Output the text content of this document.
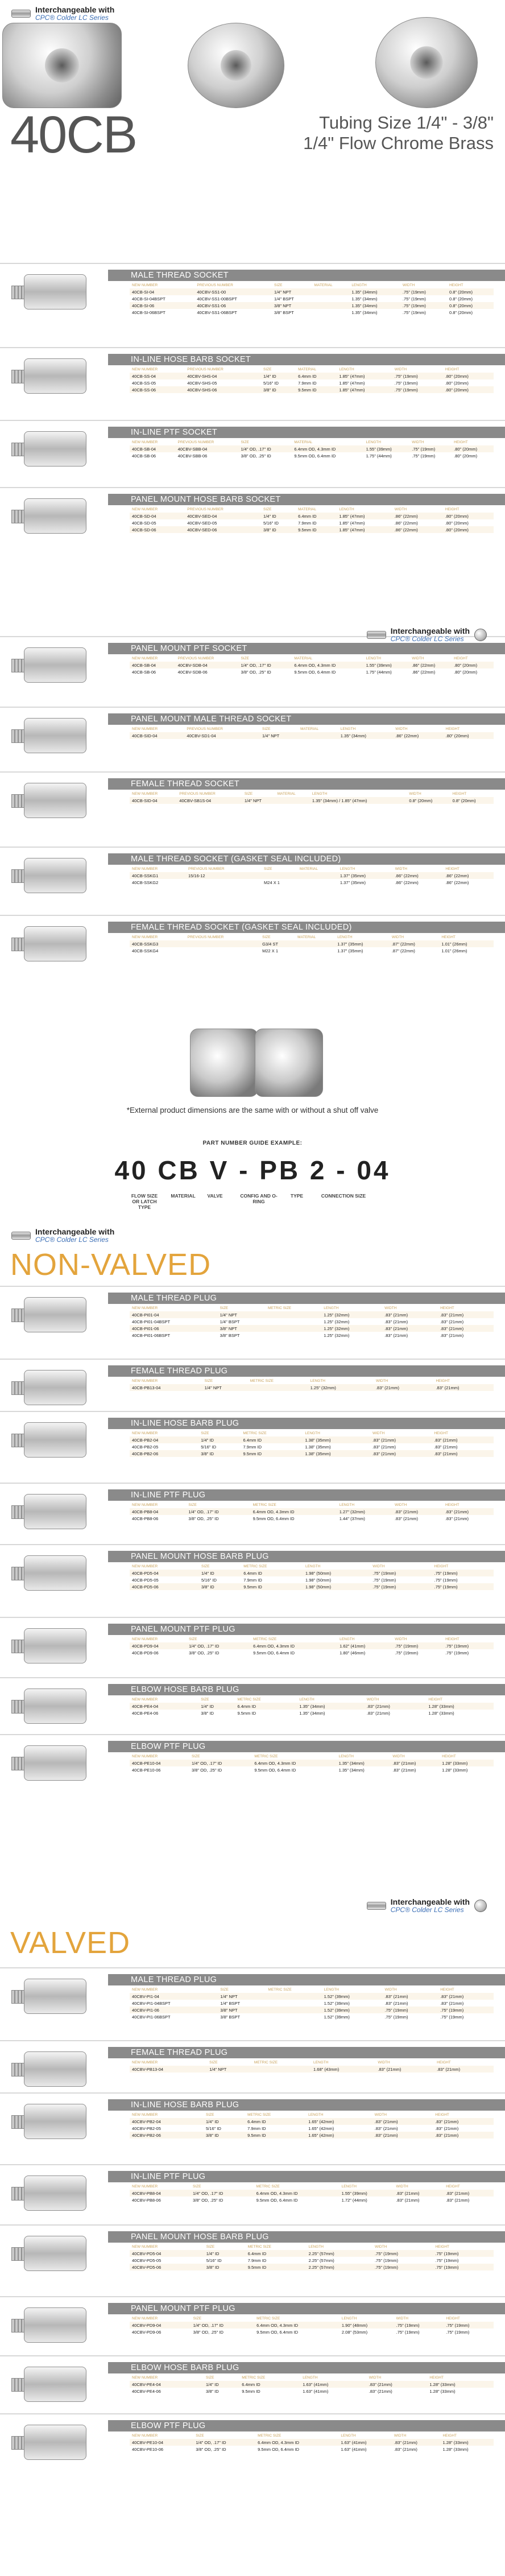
Interchangeable with
CPC® Colder LC Series
40CB	Tubing Size 1/4" - 3/8"
1/4" Flow Chrome Brass
MALE THREAD SOCKET
NEW NUMBER	PREVIOUS NUMBER	SIZE	MATERIAL	LENGTH	WIDTH	HEIGHT
40CB-SI-04	40CBV-SS1-00	1/4" NPT		1.35" (34mm)	.75" (19mm)	0.8" (20mm)
40CB-SI-04BSPT	40CBV-SS1-00BSPT	1/4" BSPT		1.35" (34mm)	.75" (19mm)	0.8" (20mm)
40CB-SI-06	40CBV-SS1-06	3/8" NPT		1.35" (34mm)	.75" (19mm)	0.8" (20mm)
40CB-SI-06BSPT	40CBV-SS1-06BSPT	3/8" BSPT		1.35" (34mm)	.75" (19mm)	0.8" (20mm)
IN-LINE HOSE BARB SOCKET
NEW NUMBER	PREVIOUS NUMBER	SIZE	MATERIAL	LENGTH	WIDTH	HEIGHT
40CB-SS-04	40CBV-SHS-04	1/4" ID	6.4mm ID	1.85" (47mm)	.75" (19mm)	.80" (20mm)
40CB-SS-05	40CBV-SHS-05	5/16" ID	7.9mm ID	1.85" (47mm)	.75" (19mm)	.80" (20mm)
40CB-SS-06	40CBV-SHS-06	3/8" ID	9.5mm ID	1.85" (47mm)	.75" (19mm)	.80" (20mm)
IN-LINE PTF SOCKET
NEW NUMBER	PREVIOUS NUMBER	SIZE	MATERIAL	LENGTH	WIDTH	HEIGHT
40CB-SB-04	40CBV-SBB-04	1/4" OD, .17" ID	6.4mm OD, 4.3mm ID	1.55" (39mm)	.75" (19mm)	.80" (20mm)
40CB-SB-06	40CBV-SBB-06	3/8" OD, .25" ID	9.5mm OD, 6.4mm ID	1.75" (44mm)	.75" (19mm)	.80" (20mm)
PANEL MOUNT HOSE BARB SOCKET
NEW NUMBER	PREVIOUS NUMBER	SIZE	MATERIAL	LENGTH	WIDTH	HEIGHT
40CB-SD-04	40CBV-SED-04	1/4" ID	6.4mm ID	1.85" (47mm)	.86" (22mm)	.80" (20mm)
40CB-SD-05	40CBV-SED-05	5/16" ID	7.9mm ID	1.85" (47mm)	.86" (22mm)	.80" (20mm)
40CB-SD-06	40CBV-SED-06	3/8" ID	9.5mm ID	1.85" (47mm)	.86" (22mm)	.80" (20mm)
PANEL MOUNT PTF SOCKET
NEW NUMBER	PREVIOUS NUMBER	SIZE	MATERIAL	LENGTH	WIDTH	HEIGHT
40CB-SB-04	40CBV-SDB-04	1/4" OD, .17" ID	6.4mm OD, 4.3mm ID	1.55" (39mm)	.86" (22mm)	.80" (20mm)
40CB-SB-06	40CBV-SDB-06	3/8" OD, .25" ID	9.5mm OD, 6.4mm ID	1.75" (44mm)	.86" (22mm)	.80" (20mm)
PANEL MOUNT MALE THREAD SOCKET
NEW NUMBER	PREVIOUS NUMBER	SIZE	MATERIAL	LENGTH	WIDTH	HEIGHT
40CB-SID-04	40CBV-SD1-04	1/4" NPT		1.35" (34mm)	.86" (22mm)	.80" (20mm)
FEMALE THREAD SOCKET
NEW NUMBER	PREVIOUS NUMBER	SIZE	MATERIAL	LENGTH	WIDTH	HEIGHT
40CB-SID-04	40CBV-SB1S-04	1/4" NPT		1.35" (34mm) / 1.85" (47mm)	0.8" (20mm)	0.8" (20mm)
MALE THREAD SOCKET (GASKET SEAL INCLUDED)
NEW NUMBER	PREVIOUS NUMBER	SIZE	MATERIAL	LENGTH	WIDTH	HEIGHT
40CB-SSKG1	15/16-12			1.37" (35mm)	.86" (22mm)	.86" (22mm)
40CB-SSKG2		M24 X 1		1.37" (35mm)	.86" (22mm)	.86" (22mm)
FEMALE THREAD SOCKET (GASKET SEAL INCLUDED)
NEW NUMBER	PREVIOUS NUMBER	SIZE	MATERIAL	LENGTH	WIDTH	HEIGHT
40CB-SSKG3		G3/4 ST		1.37" (35mm)	.87" (22mm)	1.01" (26mm)
40CB-SSKG4		M22 X 1		1.37" (35mm)	.87" (22mm)	1.01" (26mm)
Interchangeable with
CPC® Colder LC Series
*External product dimensions are the same with or without a shut off valve
PART NUMBER GUIDE EXAMPLE:
40 CB V - PB 2 - 04
FLOW SIZE OR LATCH TYPE
MATERIAL	VALVE	CONFIG AND O-RING
TYPE	CONNECTION SIZE
Interchangeable with
CPC® Colder LC Series
NON-VALVED
MALE THREAD PLUG
NEW NUMBER	SIZE	METRIC SIZE	LENGTH	WIDTH	HEIGHT
40CB-PI01-04	1/4" NPT		1.25" (32mm)	.83" (21mm)	.83" (21mm)
40CB-PI01-04BSPT	1/4" BSPT		1.25" (32mm)	.83" (21mm)	.83" (21mm)
40CB-PI01-06	3/8" NPT		1.25" (32mm)	.83" (21mm)	.83" (21mm)
40CB-PI01-06BSPT	3/8" BSPT		1.25" (32mm)	.83" (21mm)	.83" (21mm)
FEMALE THREAD PLUG
NEW NUMBER	SIZE	METRIC SIZE	LENGTH	WIDTH	HEIGHT
40CB-PB13-04	1/4" NPT		1.25" (32mm)	.83" (21mm)	.83" (21mm)
IN-LINE HOSE BARB PLUG
NEW NUMBER	SIZE	METRIC SIZE	LENGTH	WIDTH	HEIGHT
40CB-PB2-04	1/4" ID	6.4mm ID	1.38" (35mm)	.83" (21mm)	.83" (21mm)
40CB-PB2-05	5/16" ID	7.9mm ID	1.38" (35mm)	.83" (21mm)	.83" (21mm)
40CB-PB2-06	3/8" ID	9.5mm ID	1.38" (35mm)	.83" (21mm)	.83" (21mm)
IN-LINE PTF PLUG
NEW NUMBER	SIZE	METRIC SIZE	LENGTH	WIDTH	HEIGHT
40CB-PB8-04	1/4" OD, .17" ID	6.4mm OD, 4.3mm ID	1.27" (32mm)	.83" (21mm)	.83" (21mm)
40CB-PB8-06	3/8" OD, .25" ID	9.5mm OD, 6.4mm ID	1.44" (37mm)	.83" (21mm)	.83" (21mm)
PANEL MOUNT HOSE BARB PLUG
NEW NUMBER	SIZE	METRIC SIZE	LENGTH	WIDTH	HEIGHT
40CB-PD5-04	1/4" ID	6.4mm ID	1.98" (50mm)	.75" (19mm)	.75" (19mm)
40CB-PD5-05	5/16" ID	7.9mm ID	1.98" (50mm)	.75" (19mm)	.75" (19mm)
40CB-PD5-06	3/8" ID	9.5mm ID	1.98" (50mm)	.75" (19mm)	.75" (19mm)
PANEL MOUNT PTF PLUG
NEW NUMBER	SIZE	METRIC SIZE	LENGTH	WIDTH	HEIGHT
40CB-PD9-04	1/4" OD, .17" ID	6.4mm OD, 4.3mm ID	1.62" (41mm)	.75" (19mm)	.75" (19mm)
40CB-PD9-06	3/8" OD, .25" ID	9.5mm OD, 6.4mm ID	1.80" (46mm)	.75" (19mm)	.75" (19mm)
ELBOW HOSE BARB PLUG
NEW NUMBER	SIZE	METRIC SIZE	LENGTH	WIDTH	HEIGHT
40CB-PE4-04	1/4" ID	6.4mm ID	1.35" (34mm)	.83" (21mm)	1.28" (33mm)
40CB-PE4-06	3/8" ID	9.5mm ID	1.35" (34mm)	.83" (21mm)	1.28" (33mm)
ELBOW PTF PLUG
NEW NUMBER	SIZE	METRIC SIZE	LENGTH	WIDTH	HEIGHT
40CB-PE10-04	1/4" OD, .17" ID	6.4mm OD, 4.3mm ID	1.35" (34mm)	.83" (21mm)	1.28" (33mm)
40CB-PE10-06	3/8" OD, .25" ID	9.5mm OD, 6.4mm ID	1.35" (34mm)	.83" (21mm)	1.28" (33mm)
Interchangeable with
CPC® Colder LC Series
VALVED
MALE THREAD PLUG
NEW NUMBER	SIZE	METRIC SIZE	LENGTH	WIDTH	HEIGHT
40CBV-PI1-04	1/4" NPT		1.52" (39mm)	.83" (21mm)	.83" (21mm)
40CBV-PI1-04BSPT	1/4" BSPT		1.52" (39mm)	.83" (21mm)	.83" (21mm)
40CBV-PI1-06	3/8" NPT		1.52" (39mm)	.75" (19mm)	.75" (19mm)
40CBV-PI1-06BSPT	3/8" BSPT		1.52" (39mm)	.75" (19mm)	.75" (19mm)
FEMALE THREAD PLUG
NEW NUMBER	SIZE	METRIC SIZE	LENGTH	WIDTH	HEIGHT
40CBV-PB13-04	1/4" NPT		1.68" (43mm)	.83" (21mm)	.83" (21mm)
IN-LINE HOSE BARB PLUG
NEW NUMBER	SIZE	METRIC SIZE	LENGTH	WIDTH	HEIGHT
40CBV-PB2-04	1/4" ID	6.4mm ID	1.65" (42mm)	.83" (21mm)	.83" (21mm)
40CBV-PB2-05	5/16" ID	7.9mm ID	1.65" (42mm)	.83" (21mm)	.83" (21mm)
40CBV-PB2-06	3/8" ID	9.5mm ID	1.65" (42mm)	.83" (21mm)	.83" (21mm)
IN-LINE PTF PLUG
NEW NUMBER	SIZE	METRIC SIZE	LENGTH	WIDTH	HEIGHT
40CBV-PB8-04	1/4" OD, .17" ID	6.4mm OD, 4.3mm ID	1.55" (39mm)	.83" (21mm)	.83" (21mm)
40CBV-PB8-06	3/8" OD, .25" ID	9.5mm OD, 6.4mm ID	1.72" (44mm)	.83" (21mm)	.83" (21mm)
PANEL MOUNT HOSE BARB PLUG
NEW NUMBER	SIZE	METRIC SIZE	LENGTH	WIDTH	HEIGHT
40CBV-PD5-04	1/4" ID	6.4mm ID	2.25" (57mm)	.75" (19mm)	.75" (19mm)
40CBV-PD5-05	5/16" ID	7.9mm ID	2.25" (57mm)	.75" (19mm)	.75" (19mm)
40CBV-PD5-06	3/8" ID	9.5mm ID	2.25" (57mm)	.75" (19mm)	.75" (19mm)
PANEL MOUNT PTF PLUG
NEW NUMBER	SIZE	METRIC SIZE	LENGTH	WIDTH	HEIGHT
40CBV-PD9-04	1/4" OD, .17" ID	6.4mm OD, 4.3mm ID	1.90" (48mm)	.75" (19mm)	.75" (19mm)
40CBV-PD9-06	3/8" OD, .25" ID	9.5mm OD, 6.4mm ID	2.08" (53mm)	.75" (19mm)	.75" (19mm)
ELBOW HOSE BARB PLUG
NEW NUMBER	SIZE	METRIC SIZE	LENGTH	WIDTH	HEIGHT
40CBV-PE4-04	1/4" ID	6.4mm ID	1.63" (41mm)	.83" (21mm)	1.28" (33mm)
40CBV-PE4-06	3/8" ID	9.5mm ID	1.63" (41mm)	.83" (21mm)	1.28" (33mm)
ELBOW PTF PLUG
NEW NUMBER	SIZE	METRIC SIZE	LENGTH	WIDTH	HEIGHT
40CBV-PE10-04	1/4" OD, .17" ID	6.4mm OD, 4.3mm ID	1.63" (41mm)	.83" (21mm)	1.28" (33mm)
40CBV-PE10-06	3/8" OD, .25" ID	9.5mm OD, 6.4mm ID	1.63" (41mm)	.83" (21mm)	1.28" (33mm)
